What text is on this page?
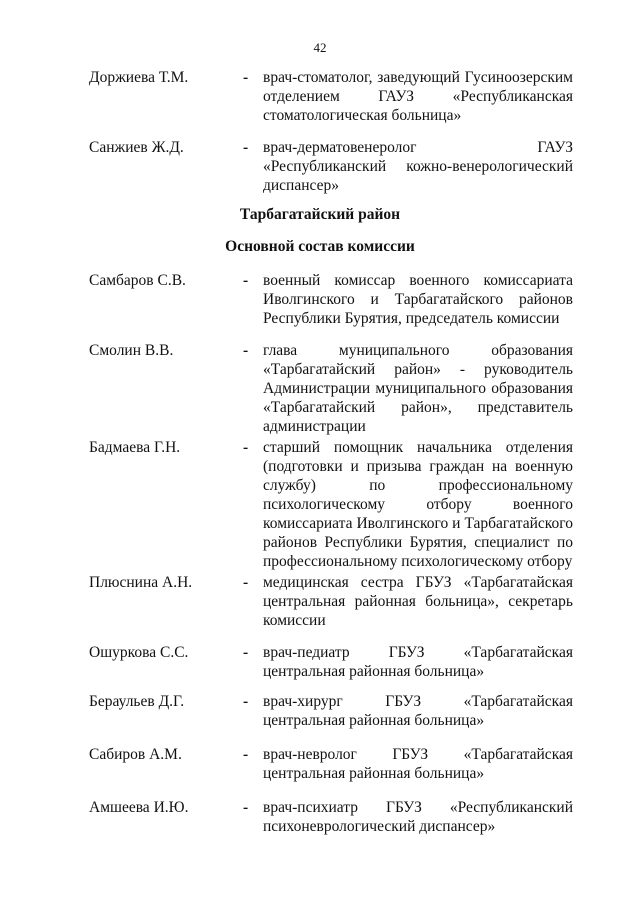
42
Доржиева Т.М.	- врач-стоматолог, заведующий Гусиноозерским
отделением ГАУЗ «Республиканская
стоматологическая больница»
Санжиев Ж.Д.	- врач-дерматовенеролог ГАУЗ
«Республиканский кожно-венерологический
диспансер»
Тарбагатайский район
Основной состав комиссии
Самбаров С.В.	- военный комиссар военного комиссариата
Иволгинского и Тарбагатайского районов
Республики Бурятия, председатель комиссии
Смолин В.В.	- глава муниципального образования
«Тарбагатайский район» - руководитель
Администрации муниципального образования
«Тарбагатайский район», представитель
администрации
Бадмаева Г.Н.	- старший помощник начальника отделения
(подготовки и призыва граждан на военную
службу) по профессиональному
психологическому отбору военного
комиссариата Иволгинского и Тарбагатайского
районов Республики Бурятия, специалист по
профессиональному психологическому отбору
Плюснина А.Н.	- медицинская сестра ГБУЗ «Тарбагатайская
центральная районная больница», секретарь
комиссии
Ошуркова С.С.	- врач-педиатр ГБУЗ «Тарбагатайская
центральная районная больница»
Бераульев Д.Г.	- врач-хирург ГБУЗ «Тарбагатайская
центральная районная больница»
Сабиров А.М.	- врач-невролог ГБУЗ «Тарбагатайская
центральная районная больница»
Амшеева И.Ю.	- врач-психиатр ГБУЗ «Республиканский
психоневрологический диспансер»
